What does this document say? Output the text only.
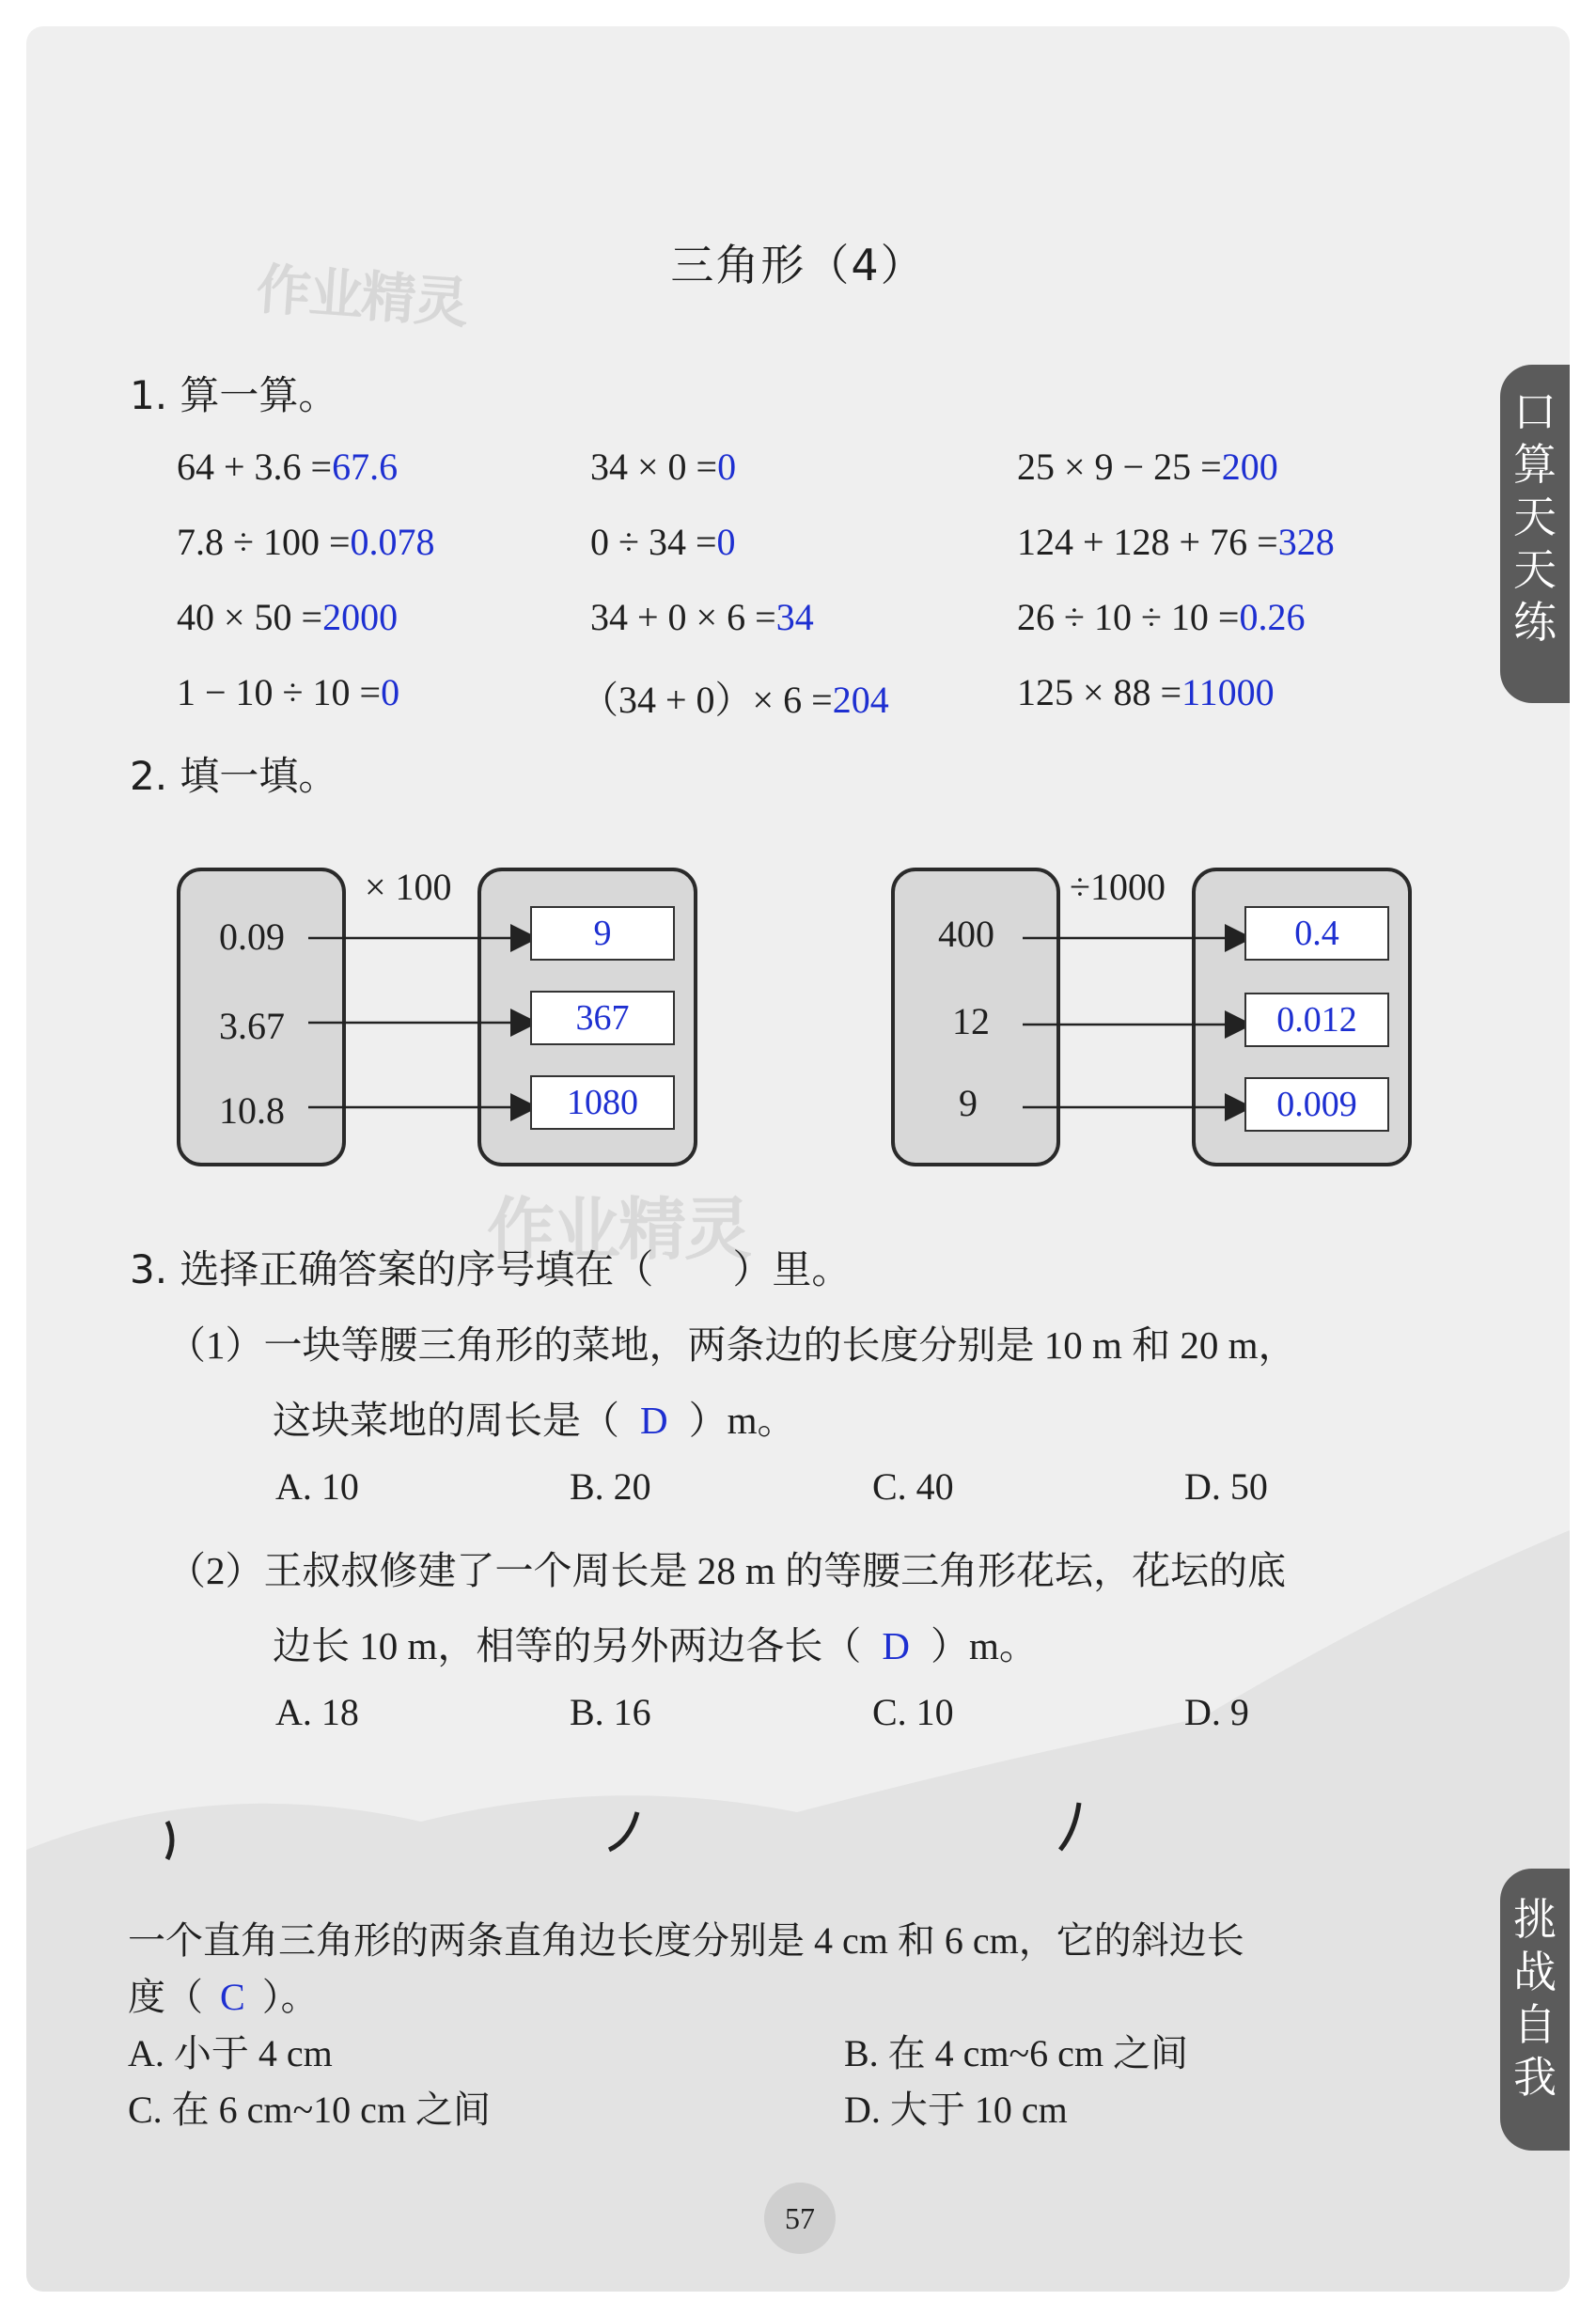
作业精灵
作业精灵
三角形（4）
口算天天练
挑战自我
1. 算一算。
64 + 3.6 =67.6	34 × 0 =0	25 × 9 − 25 =200
7.8 ÷ 100 =0.078	0 ÷ 34 =0	124 + 128 + 76 =328
40 × 50 =2000	34 + 0 × 6 =34	26 ÷ 10 ÷ 10 =0.26
1 − 10 ÷ 10 =0	（34 + 0）× 6 =204	125 × 88 =11000
2. 填一填。
× 100
0.09
3.67
10.8
9
367
1080
÷1000
400
12
9
0.4
0.012
0.009
3. 选择正确答案的序号填在（　　）里。
（1）一块等腰三角形的菜地，两条边的长度分别是 10 m 和 20 m，
这块菜地的周长是（ D ）m。
A. 10	B. 20	C. 40	D. 50
（2）王叔叔修建了一个周长是 28 m 的等腰三角形花坛，花坛的底
边长 10 m，相等的另外两边各长（ D ）m。
A. 18	B. 16	C. 10	D. 9
一个直角三角形的两条直角边长度分别是 4 cm 和 6 cm，它的斜边长
度（ C ）。
A. 小于 4 cm	B. 在 4 cm~6 cm 之间
C. 在 6 cm~10 cm 之间	D. 大于 10 cm
57
